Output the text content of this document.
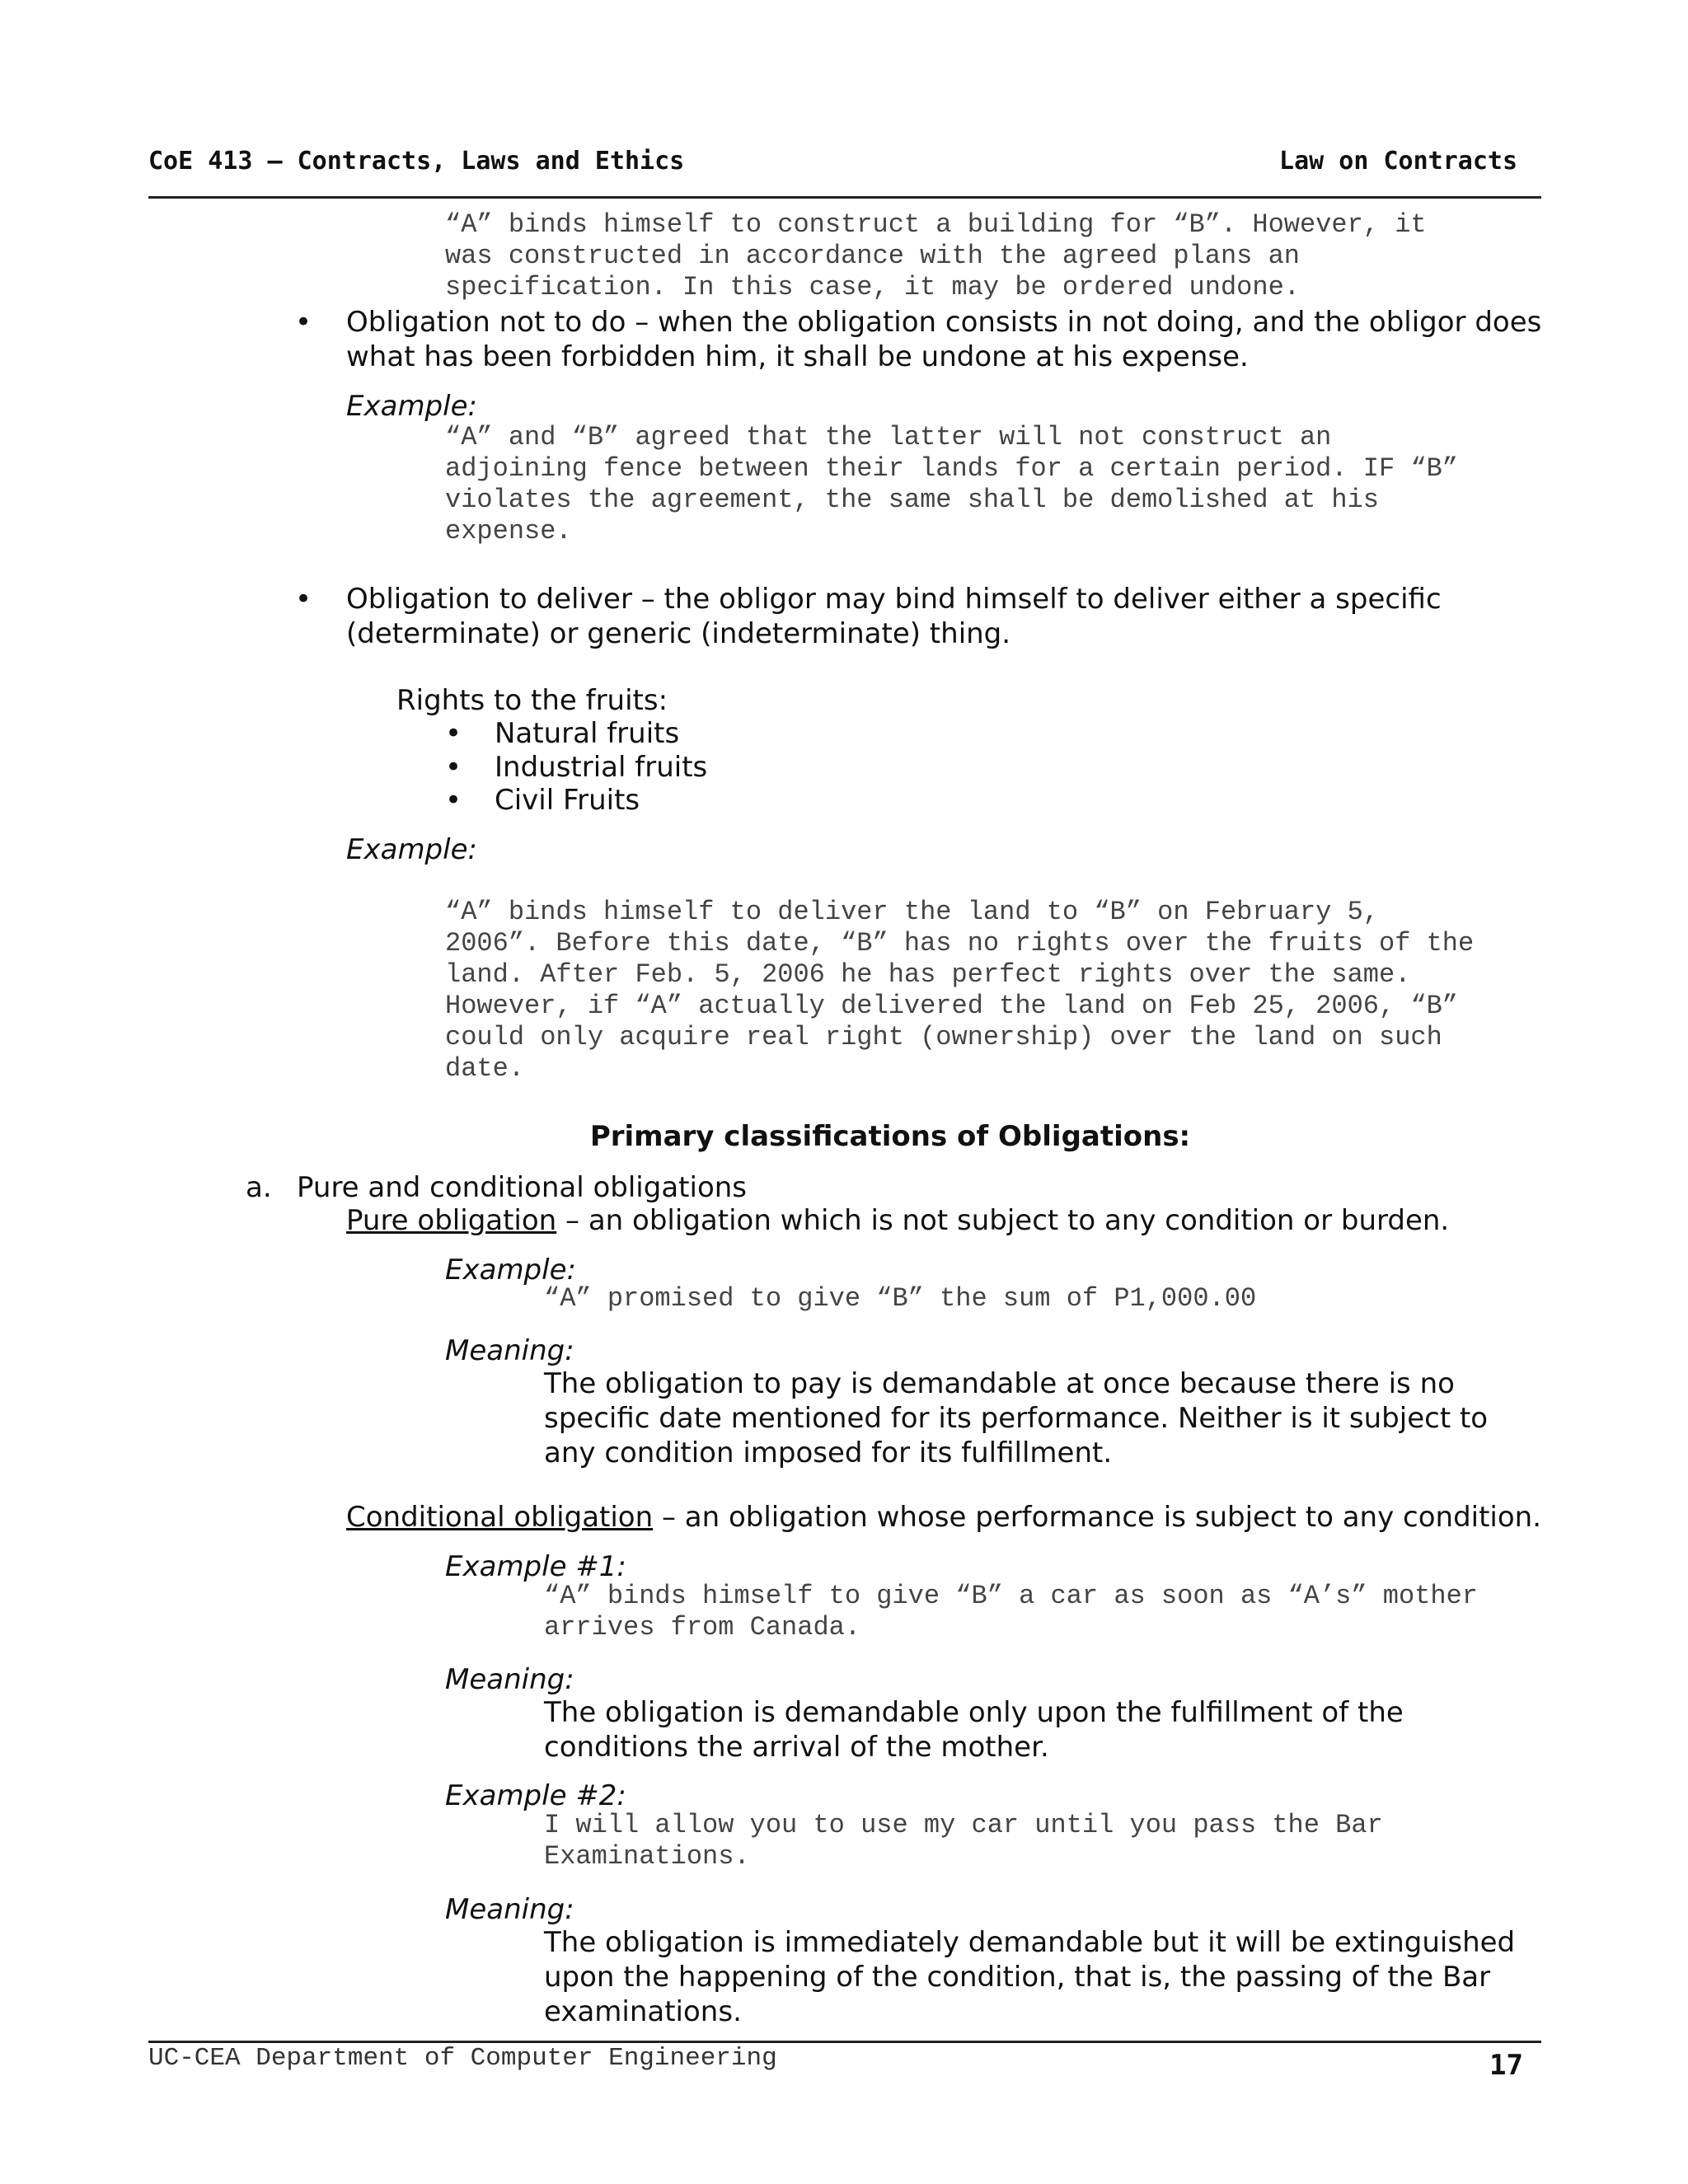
CoE 413 – Contracts, Laws and Ethics	Law on Contracts
“A” binds himself to construct a building for “B”. However, it
was constructed in accordance with the agreed plans an
specification. In this case, it may be ordered undone.
• Obligation not to do – when the obligation consists in not doing, and the obligor does what has been forbidden him, it shall be undone at his expense.
Example:
“A” and “B” agreed that the latter will not construct an
adjoining fence between their lands for a certain period. IF “B”
violates the agreement, the same shall be demolished at his
expense.
• Obligation to deliver – the obligor may bind himself to deliver either a specific (determinate) or generic (indeterminate) thing.
Rights to the fruits:
• Natural fruits
• Industrial fruits
• Civil Fruits
Example:
“A” binds himself to deliver the land to “B” on February 5,
2006”. Before this date, “B” has no rights over the fruits of the
land. After Feb. 5, 2006 he has perfect rights over the same.
However, if “A” actually delivered the land on Feb 25, 2006, “B”
could only acquire real right (ownership) over the land on such
date.
Primary classifications of Obligations:
a. Pure and conditional obligations
Pure obligation – an obligation which is not subject to any condition or burden.
Example:
“A” promised to give “B” the sum of P1,000.00
Meaning:
The obligation to pay is demandable at once because there is no specific date mentioned for its performance. Neither is it subject to any condition imposed for its fulfillment.
Conditional obligation – an obligation whose performance is subject to any condition.
Example #1:
“A” binds himself to give “B” a car as soon as “A’s” mother
arrives from Canada.
Meaning:
The obligation is demandable only upon the fulfillment of the conditions the arrival of the mother.
Example #2:
I will allow you to use my car until you pass the Bar
Examinations.
Meaning:
The obligation is immediately demandable but it will be extinguished upon the happening of the condition, that is, the passing of the Bar examinations.
UC-CEA Department of Computer Engineering	17
